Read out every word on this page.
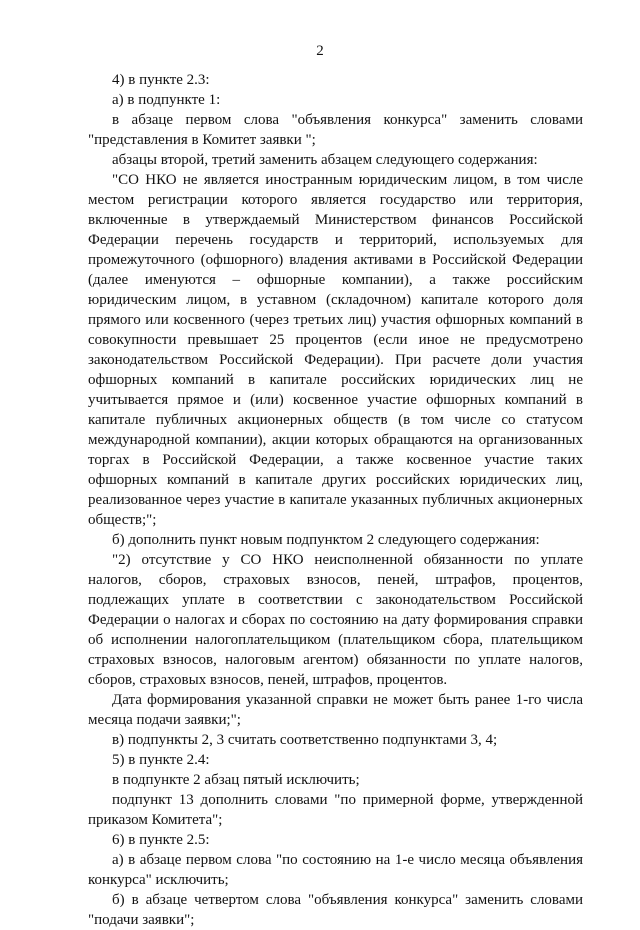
2

4) в пункте 2.3:

а) в подпункте 1:

в абзаце первом слова "объявления конкурса" заменить словами "представления в Комитет заявки ";

абзацы второй, третий заменить абзацем следующего содержания:

"СО НКО не является иностранным юридическим лицом, в том числе местом регистрации которого является государство или территория, включенные в утверждаемый Министерством финансов Российской Федерации перечень государств и территорий, используемых для промежуточного (офшорного) владения активами в Российской Федерации (далее именуются – офшорные компании), а также российским юридическим лицом, в уставном (складочном) капитале которого доля прямого или косвенного (через третьих лиц) участия офшорных компаний в совокупности превышает 25 процентов (если иное не предусмотрено законодательством Российской Федерации). При расчете доли участия офшорных компаний в капитале российских юридических лиц не учитывается прямое и (или) косвенное участие офшорных компаний в капитале публичных акционерных обществ (в том числе со статусом международной компании), акции которых обращаются на организованных торгах в Российской Федерации, а также косвенное участие таких офшорных компаний в капитале других российских юридических лиц, реализованное через участие в капитале указанных публичных акционерных обществ;";

б) дополнить пункт новым подпунктом 2 следующего содержания:

"2) отсутствие у СО НКО неисполненной обязанности по уплате налогов, сборов, страховых взносов, пеней, штрафов, процентов, подлежащих уплате в соответствии с законодательством Российской Федерации о налогах и сборах по состоянию на дату формирования справки об исполнении налогоплательщиком (плательщиком сбора, плательщиком страховых взносов, налоговым агентом) обязанности по уплате налогов, сборов, страховых взносов, пеней, штрафов, процентов.

Дата формирования указанной справки не может быть ранее 1-го числа месяца подачи заявки;";

в) подпункты 2, 3 считать соответственно подпунктами 3, 4;

5) в пункте 2.4:

в подпункте 2 абзац пятый исключить;

подпункт 13 дополнить словами "по примерной форме, утвержденной приказом Комитета";

6) в пункте 2.5:

а) в абзаце первом слова "по состоянию на 1-е число месяца объявления конкурса" исключить;

б) в абзаце четвертом слова "объявления конкурса" заменить словами "подачи заявки";
